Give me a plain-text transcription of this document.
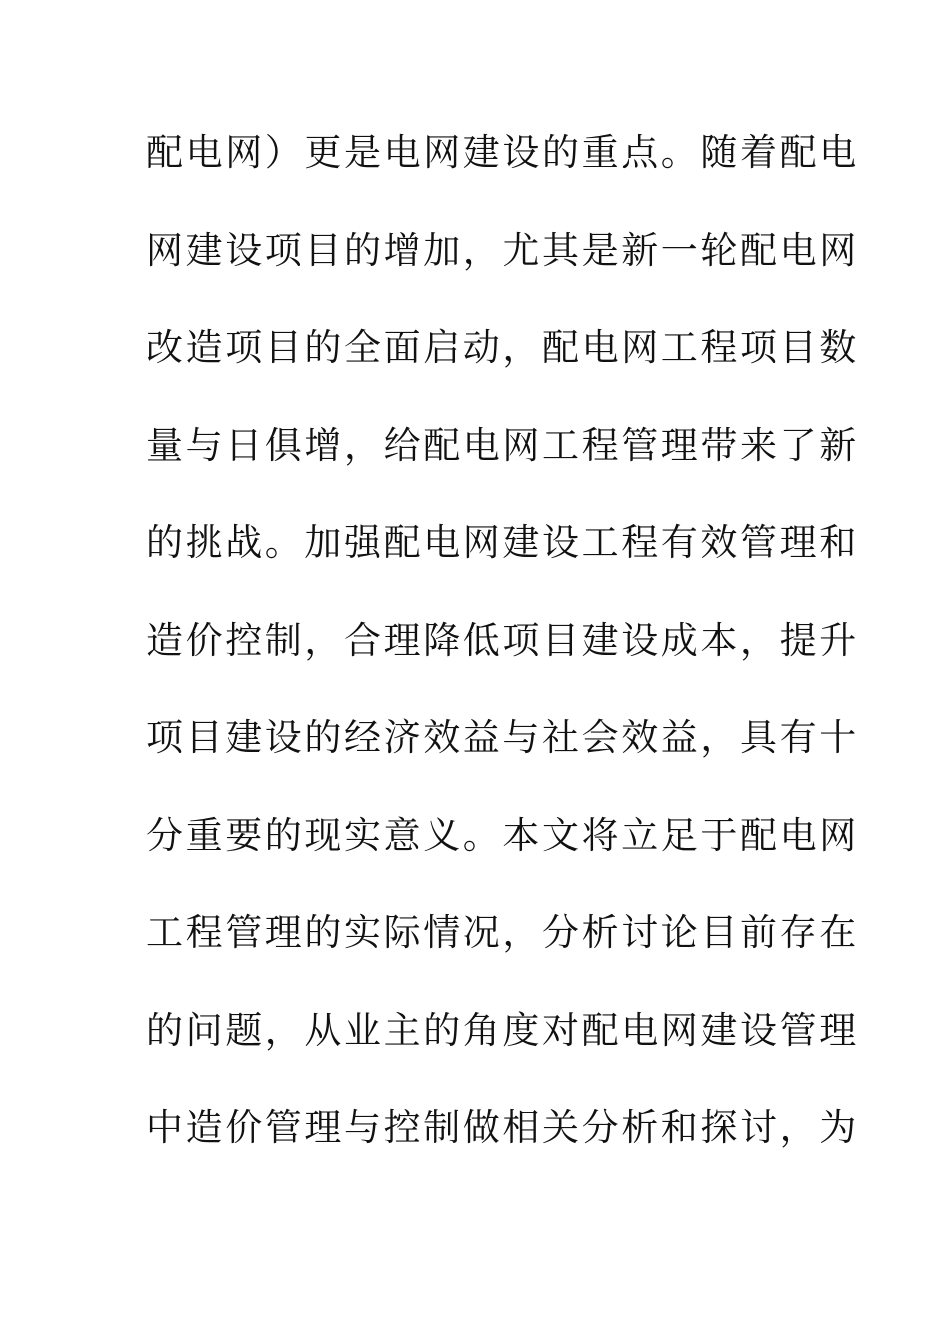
配电网）更是电网建设的重点。随着配电
网建设项目的增加，尤其是新一轮配电网
改造项目的全面启动，配电网工程项目数
量与日俱增，给配电网工程管理带来了新
的挑战。加强配电网建设工程有效管理和
造价控制，合理降低项目建设成本，提升
项目建设的经济效益与社会效益，具有十
分重要的现实意义。本文将立足于配电网
工程管理的实际情况，分析讨论目前存在
的问题，从业主的角度对配电网建设管理
中造价管理与控制做相关分析和探讨，为
